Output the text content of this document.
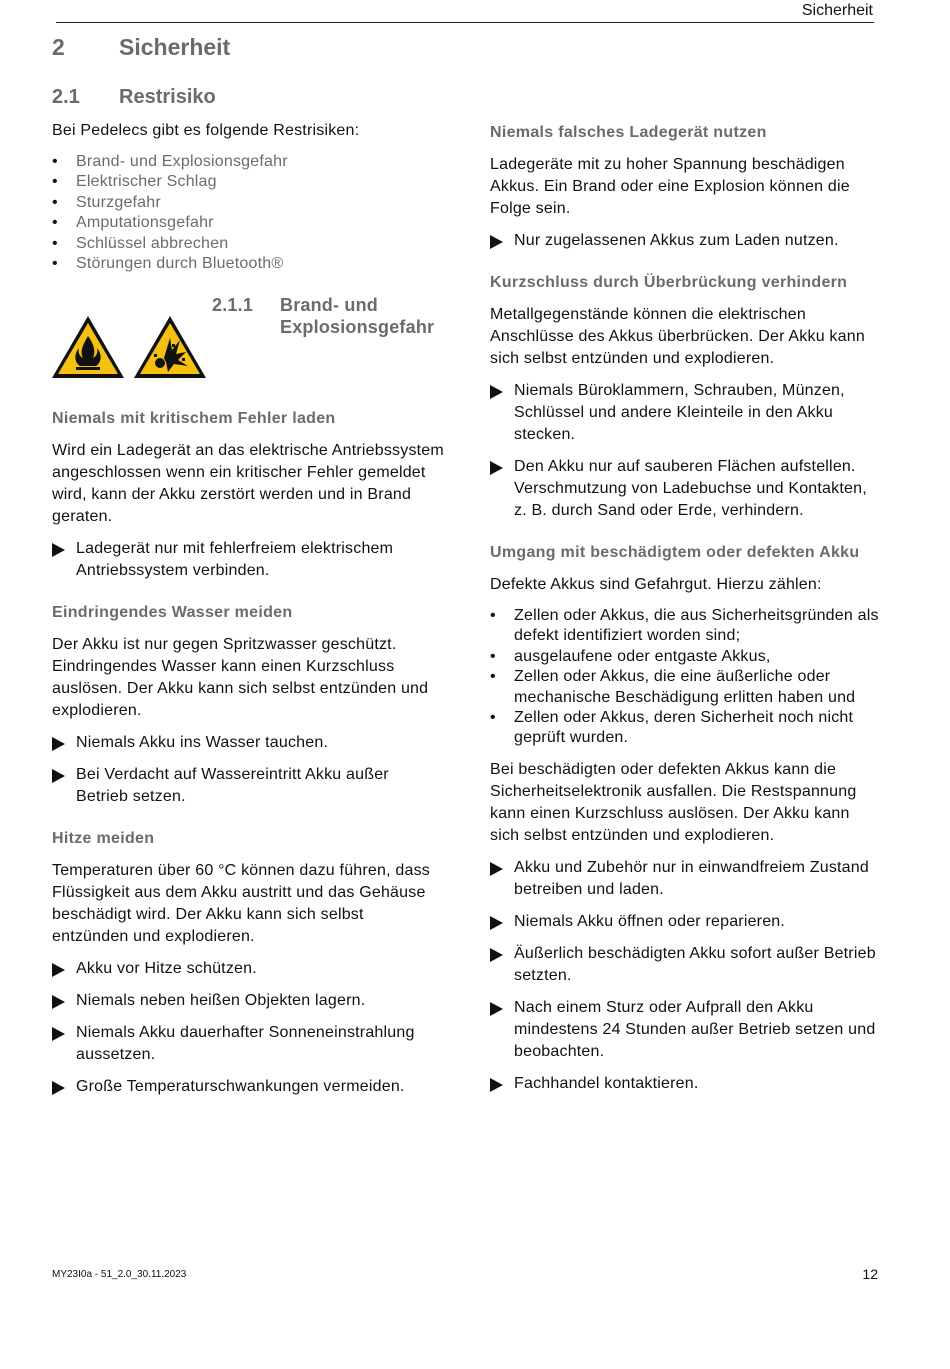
Sicherheit
2 Sicherheit
2.1 Restrisiko

Bei Pedelecs gibt es folgende Restrisiken:

• Brand- und Explosionsgefahr
• Elektrischer Schlag
• Sturzgefahr
• Amputationsgefahr
• Schlüssel abbrechen
• Störungen durch Bluetooth®
2.1.1 Brand- und Explosionsgefahr
Niemals mit kritischem Fehler laden

Wird ein Ladegerät an das elektrische Antriebssystem angeschlossen wenn ein kritischer Fehler gemeldet wird, kann der Akku zerstört werden und in Brand geraten.

Ladegerät nur mit fehlerfreiem elektrischem Antriebssystem verbinden.
Eindringendes Wasser meiden

Der Akku ist nur gegen Spritzwasser geschützt. Eindringendes Wasser kann einen Kurzschluss auslösen. Der Akku kann sich selbst entzünden und explodieren.

Niemals Akku ins Wasser tauchen.
Bei Verdacht auf Wassereintritt Akku außer Betrieb setzen.
Hitze meiden

Temperaturen über 60 °C können dazu führen, dass Flüssigkeit aus dem Akku austritt und das Gehäuse beschädigt wird. Der Akku kann sich selbst entzünden und explodieren.

Akku vor Hitze schützen.
Niemals neben heißen Objekten lagern.
Niemals Akku dauerhafter Sonneneinstrahlung aussetzen.
Große Temperaturschwankungen vermeiden.
Niemals falsches Ladegerät nutzen

Ladegeräte mit zu hoher Spannung beschädigen Akkus. Ein Brand oder eine Explosion können die Folge sein.

Nur zugelassenen Akkus zum Laden nutzen.
Kurzschluss durch Überbrückung verhindern

Metallgegenstände können die elektrischen Anschlüsse des Akkus überbrücken. Der Akku kann sich selbst entzünden und explodieren.

Niemals Büroklammern, Schrauben, Münzen, Schlüssel und andere Kleinteile in den Akku stecken.
Den Akku nur auf sauberen Flächen aufstellen. Verschmutzung von Ladebuchse und Kontakten, z. B. durch Sand oder Erde, verhindern.
Umgang mit beschädigtem oder defekten Akku

Defekte Akkus sind Gefahrgut. Hierzu zählen:

• Zellen oder Akkus, die aus Sicherheitsgründen als defekt identifiziert worden sind;
• ausgelaufene oder entgaste Akkus,
• Zellen oder Akkus, die eine äußerliche oder mechanische Beschädigung erlitten haben und
• Zellen oder Akkus, deren Sicherheit noch nicht geprüft wurden.

Bei beschädigten oder defekten Akkus kann die Sicherheitselektronik ausfallen. Die Restspannung kann einen Kurzschluss auslösen. Der Akku kann sich selbst entzünden und explodieren.

Akku und Zubehör nur in einwandfreiem Zustand betreiben und laden.
Niemals Akku öffnen oder reparieren.
Äußerlich beschädigten Akku sofort außer Betrieb setzten.
Nach einem Sturz oder Aufprall den Akku mindestens 24 Stunden außer Betrieb setzen und beobachten.
Fachhandel kontaktieren.
MY23I0a - 51_2.0_30.11.2023	12
